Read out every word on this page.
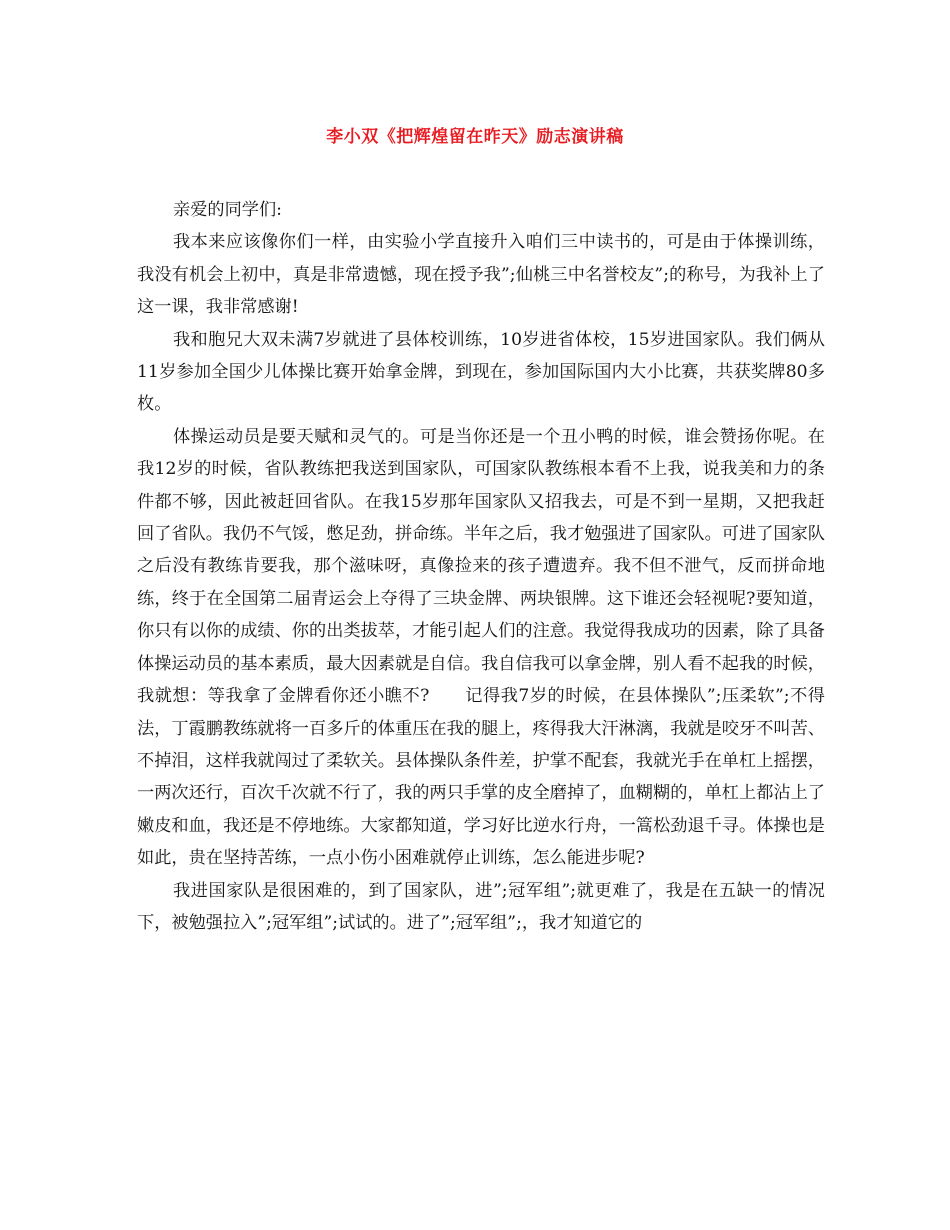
李小双《把辉煌留在昨天》励志演讲稿

亲爱的同学们:

我本来应该像你们一样，由实验小学直接升入咱们三中读书的，可是由于体操训练，我没有机会上初中，真是非常遗憾，现在授予我”;仙桃三中名誉校友”;的称号，为我补上了这一课，我非常感谢!

我和胞兄大双未满7岁就进了县体校训练，10岁进省体校，15岁进国家队。我们俩从11岁参加全国少儿体操比赛开始拿金牌，到现在，参加国际国内大小比赛，共获奖牌80多枚。

体操运动员是要天赋和灵气的。可是当你还是一个丑小鸭的时候，谁会赞扬你呢。在我12岁的时候，省队教练把我送到国家队，可国家队教练根本看不上我，说我美和力的条件都不够，因此被赶回省队。在我15岁那年国家队又招我去，可是不到一星期，又把我赶回了省队。我仍不气馁，憋足劲，拼命练。半年之后，我才勉强进了国家队。可进了国家队之后没有教练肯要我，那个滋味呀，真像捡来的孩子遭遗弃。我不但不泄气，反而拼命地练，终于在全国第二届青运会上夺得了三块金牌、两块银牌。这下谁还会轻视呢?要知道，你只有以你的成绩、你的出类拔萃，才能引起人们的注意。我觉得我成功的因素，除了具备体操运动员的基本素质，最大因素就是自信。我自信我可以拿金牌，别人看不起我的时候，我就想：等我拿了金牌看你还小瞧不?　　记得我7岁的时候，在县体操队”;压柔软”;不得法，丁霞鹏教练就将一百多斤的体重压在我的腿上，疼得我大汗淋漓，我就是咬牙不叫苦、不掉泪，这样我就闯过了柔软关。县体操队条件差，护掌不配套，我就光手在单杠上摇摆，一两次还行，百次千次就不行了，我的两只手掌的皮全磨掉了，血糊糊的，单杠上都沾上了嫩皮和血，我还是不停地练。大家都知道，学习好比逆水行舟，一篙松劲退千寻。体操也是如此，贵在坚持苦练，一点小伤小困难就停止训练，怎么能进步呢?

我进国家队是很困难的，到了国家队，进”;冠军组”;就更难了，我是在五缺一的情况下，被勉强拉入”;冠军组”;试试的。进了”;冠军组”;，我才知道它的
